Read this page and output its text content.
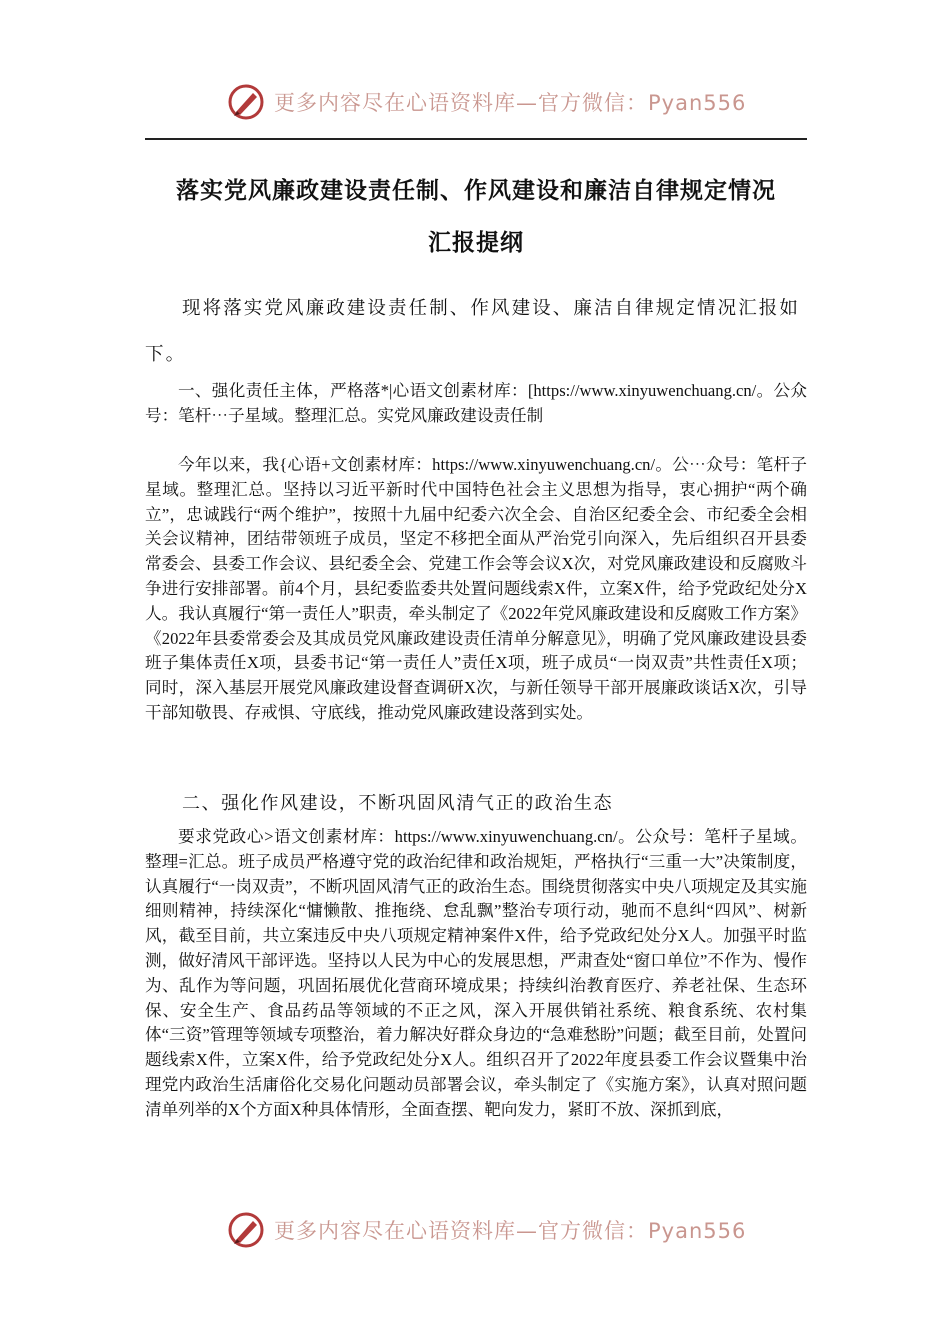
更多内容尽在心语资料库—官方微信：Pyan556
落实党风廉政建设责任制、作风建设和廉洁自律规定情况
汇报提纲

现将落实党风廉政建设责任制、作风建设、廉洁自律规定情况汇报如下。

一、强化责任主体，严格落*|心语文创素材库：[https://www.xinyuwenchuang.cn/。公众号：笔杆⋯子星域。整理汇总。实党风廉政建设责任制

今年以来，我{心语+文创素材库：https://www.xinyuwenchuang.cn/。公⋯众号：笔杆子星域。整理汇总。坚持以习近平新时代中国特色社会主义思想为指导，衷心拥护“两个确立”，忠诚践行“两个维护”，按照十九届中纪委六次全会、自治区纪委全会、市纪委全会相关会议精神，团结带领班子成员，坚定不移把全面从严治党引向深入，先后组织召开县委常委会、县委工作会议、县纪委全会、党建工作会等会议X次，对党风廉政建设和反腐败斗争进行安排部署。前4个月，县纪委监委共处置问题线索X件，立案X件，给予党政纪处分X人。我认真履行“第一责任人”职责，牵头制定了《2022年党风廉政建设和反腐败工作方案》《2022年县委常委会及其成员党风廉政建设责任清单分解意见》，明确了党风廉政建设县委班子集体责任X项，县委书记“第一责任人”责任X项，班子成员“一岗双责”共性责任X项；同时，深入基层开展党风廉政建设督查调研X次，与新任领导干部开展廉政谈话X次，引导干部知敬畏、存戒惧、守底线，推动党风廉政建设落到实处。

二、强化作风建设，不断巩固风清气正的政治生态

要求党政心>语文创素材库：https://www.xinyuwenchuang.cn/。公众号：笔杆子星域。整理=汇总。班子成员严格遵守党的政治纪律和政治规矩，严格执行“三重一大”决策制度，认真履行“一岗双责”，不断巩固风清气正的政治生态。围绕贯彻落实中央八项规定及其实施细则精神，持续深化“慵懒散、推拖绕、怠乱飘”整治专项行动，驰而不息纠“四风”、树新风，截至目前，共立案违反中央八项规定精神案件X件，给予党政纪处分X人。加强平时监测，做好清风干部评选。坚持以人民为中心的发展思想，严肃查处“窗口单位”不作为、慢作为、乱作为等问题，巩固拓展优化营商环境成果；持续纠治教育医疗、养老社保、生态环保、安全生产、食品药品等领域的不正之风，深入开展供销社系统、粮食系统、农村集体“三资”管理等领域专项整治，着力解决好群众身边的“急难愁盼”问题；截至目前，处置问题线索X件，立案X件，给予党政纪处分X人。组织召开了2022年度县委工作会议暨集中治理党内政治生活庸俗化交易化问题动员部署会议，牵头制定了《实施方案》，认真对照问题清单列举的X个方面X种具体情形，全面查摆、靶向发力，紧盯不放、深抓到底，

更多内容尽在心语资料库—官方微信：Pyan556
